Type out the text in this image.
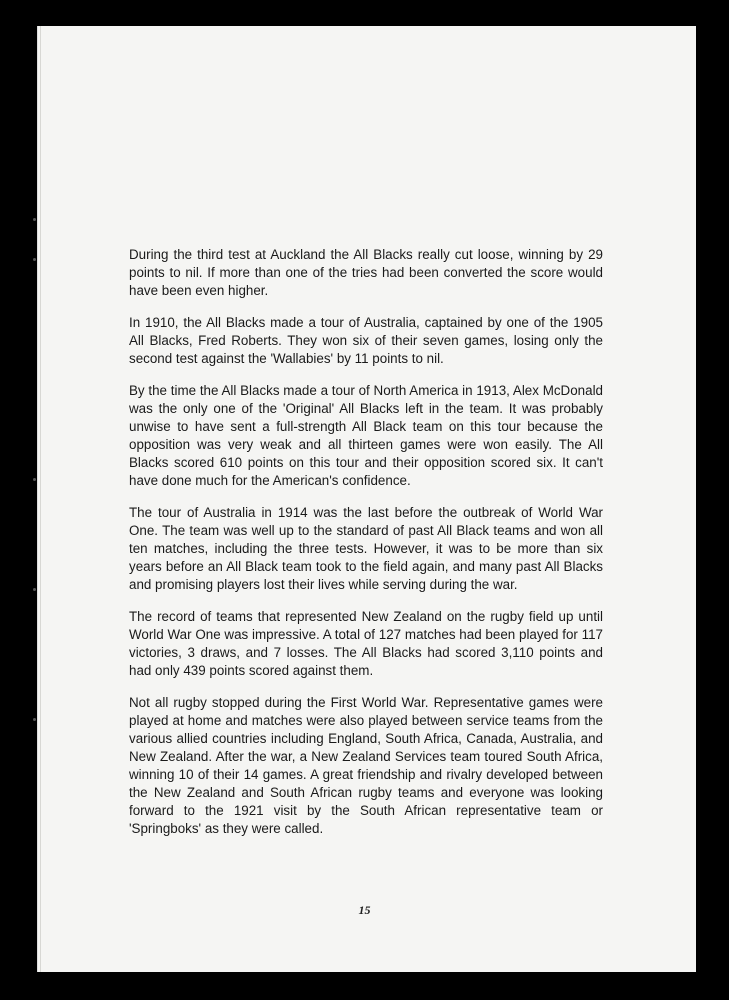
During the third test at Auckland the All Blacks really cut loose, winning by 29 points to nil. If more than one of the tries had been converted the score would have been even higher.

In 1910, the All Blacks made a tour of Australia, captained by one of the 1905 All Blacks, Fred Roberts. They won six of their seven games, losing only the second test against the 'Wallabies' by 11 points to nil.

By the time the All Blacks made a tour of North America in 1913, Alex McDonald was the only one of the 'Original' All Blacks left in the team. It was probably unwise to have sent a full-strength All Black team on this tour because the opposition was very weak and all thirteen games were won easily. The All Blacks scored 610 points on this tour and their opposition scored six. It can't have done much for the American's confidence.

The tour of Australia in 1914 was the last before the outbreak of World War One. The team was well up to the standard of past All Black teams and won all ten matches, including the three tests. However, it was to be more than six years before an All Black team took to the field again, and many past All Blacks and promising players lost their lives while serving during the war.

The record of teams that represented New Zealand on the rugby field up until World War One was impressive. A total of 127 matches had been played for 117 victories, 3 draws, and 7 losses. The All Blacks had scored 3,110 points and had only 439 points scored against them.

Not all rugby stopped during the First World War. Representative games were played at home and matches were also played between service teams from the various allied countries including England, South Africa, Canada, Australia, and New Zealand. After the war, a New Zealand Services team toured South Africa, winning 10 of their 14 games. A great friendship and rivalry developed between the New Zealand and South African rugby teams and everyone was looking forward to the 1921 visit by the South African representative team or 'Springboks' as they were called.

15
